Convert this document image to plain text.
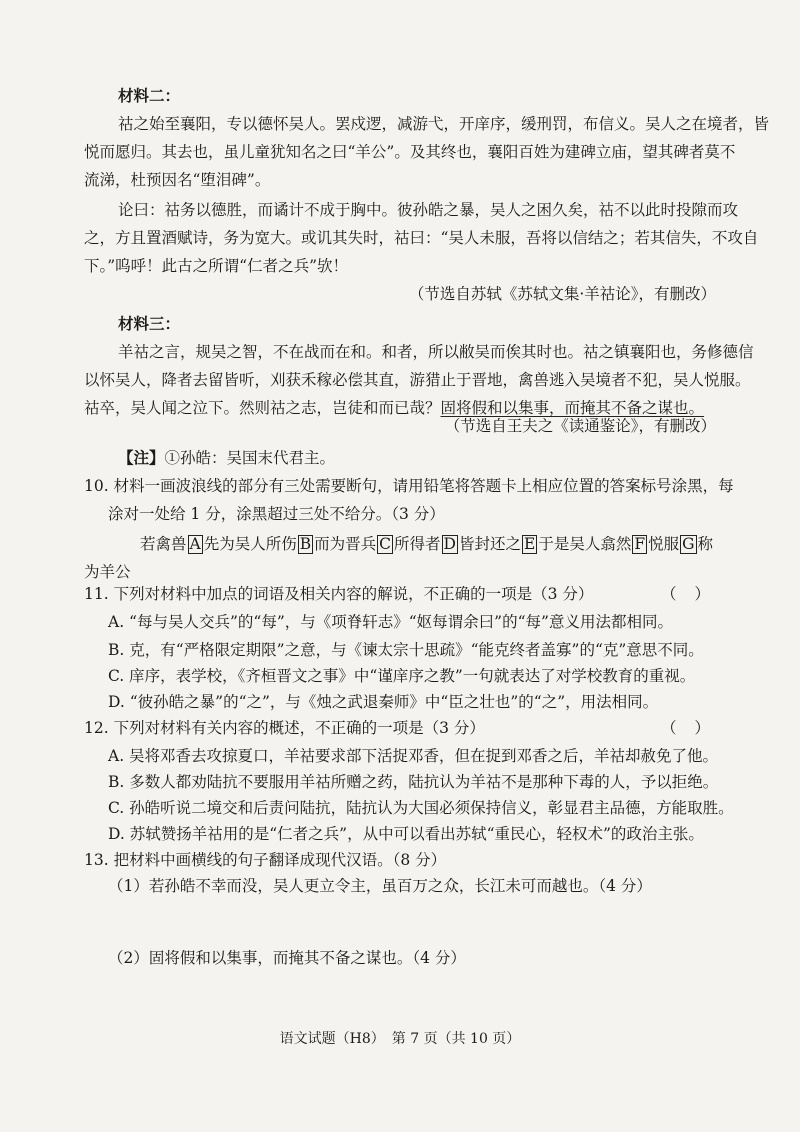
材料二：
祜之始至襄阳，专以德怀吴人。罢戍逻，减游弋，开庠序，缓刑罚，布信义。吴人之在境者，皆
悦而愿归。其去也，虽儿童犹知名之曰“羊公”。及其终也，襄阳百姓为建碑立庙，望其碑者莫不
流涕，杜预因名“堕泪碑”。
论曰：祜务以德胜，而谲计不成于胸中。彼孙皓之暴，吴人之困久矣，祜不以此时投隙而攻
之，方且置酒赋诗，务为宽大。或讥其失时，祜曰：“吴人未服，吾将以信结之；若其信失，不攻自
下。”呜呼！此古之所谓“仁者之兵”欤！
（节选自苏轼《苏轼文集·羊祜论》，有删改）
材料三：
羊祜之言，规吴之智，不在战而在和。和者，所以敝吴而俟其时也。祜之镇襄阳也，务修德信
以怀吴人，降者去留皆听，刈获禾稼必偿其直，游猎止于晋地，禽兽逃入吴境者不犯，吴人悦服。
祜卒，吴人闻之泣下。然则祜之志，岂徒和而已哉？固将假和以集事，而掩其不备之谋也。
（节选自王夫之《读通鉴论》，有删改）
【注】①孙皓：吴国末代君主。
10. 材料一画波浪线的部分有三处需要断句，请用铅笔将答题卡上相应位置的答案标号涂黑，每
涂对一处给 1 分，涂黑超过三处不给分。（3 分）
若禽兽 A 先为吴人所伤 B 而为晋兵 C 所得者 D 皆封还之 E 于是吴人翕然 F 悦服 G 称
为羊公
11. 下列对材料中加点的词语及相关内容的解说，不正确的一项是（3 分）	（）
A. “每与吴人交兵”的“每”，与《项脊轩志》“妪每谓余曰”的“每”意义用法都相同。
B. 克，有“严格限定期限”之意，与《谏太宗十思疏》“能克终者盖寡”的“克”意思不同。
C. 庠序，表学校，《齐桓晋文之事》中“谨庠序之教”一句就表达了对学校教育的重视。
D. “彼孙皓之暴”的“之”，与《烛之武退秦师》中“臣之壮也”的“之”，用法相同。
12. 下列对材料有关内容的概述，不正确的一项是（3 分）	（）
A. 吴将邓香去攻掠夏口，羊祜要求部下活捉邓香，但在捉到邓香之后，羊祜却赦免了他。
B. 多数人都劝陆抗不要服用羊祜所赠之药，陆抗认为羊祜不是那种下毒的人，予以拒绝。
C. 孙皓听说二境交和后责问陆抗，陆抗认为大国必须保持信义，彰显君主品德，方能取胜。
D. 苏轼赞扬羊祜用的是“仁者之兵”，从中可以看出苏轼“重民心，轻权术”的政治主张。
13. 把材料中画横线的句子翻译成现代汉语。（8 分）
（1）若孙皓不幸而没，吴人更立令主，虽百万之众，长江未可而越也。（4 分）
（2）固将假和以集事，而掩其不备之谋也。（4 分）
语文试题（H8）　第 7 页（共 10 页）
